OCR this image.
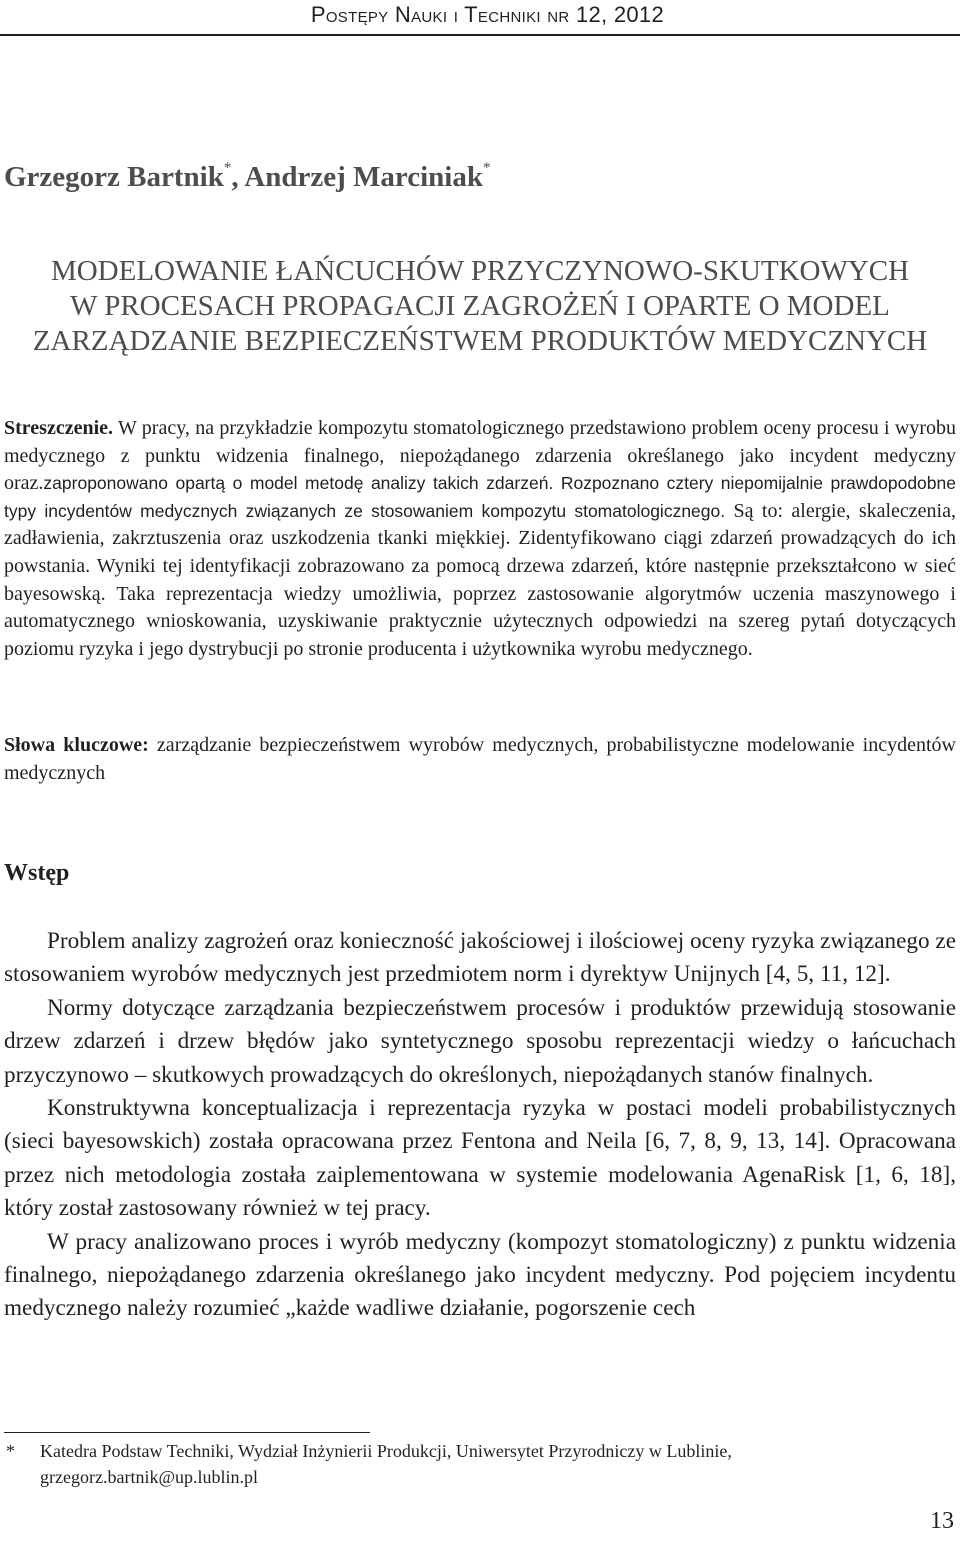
Postępy Nauki i Techniki nr 12, 2012
Grzegorz Bartnik*, Andrzej Marciniak*
MODELOWANIE ŁAŃCUCHÓW PRZYCZYNOWO-SKUTKOWYCH
W PROCESACH PROPAGACJI ZAGROŻEŃ I OPARTE O MODEL
ZARZĄDZANIE BEZPIECZEŃSTWEM PRODUKTÓW MEDYCZNYCH
Streszczenie. W pracy, na przykładzie kompozytu stomatologicznego przedstawiono problem oceny procesu i wyrobu medycznego z punktu widzenia finalnego, niepożądanego zdarzenia określanego jako incydent medyczny oraz.zaproponowano opartą o model metodę analizy takich zdarzeń. Rozpoznano cztery niepomijalnie prawdopodobne typy incydentów medycznych związanych ze stosowaniem kompozytu stomatologicznego. Są to: alergie, skaleczenia, zadławienia, zakrztuszenia oraz uszkodzenia tkanki miękkiej. Zidentyfikowano ciągi zdarzeń prowadzących do ich powstania. Wyniki tej identyfikacji zobrazowano za pomocą drzewa zdarzeń, które następnie przekształcono w sieć bayesowską. Taka reprezentacja wiedzy umożliwia, poprzez zastosowanie algorytmów uczenia maszynowego i automatycznego wnioskowania, uzyskiwanie praktycznie użytecznych odpowiedzi na szereg pytań dotyczących poziomu ryzyka i jego dystrybucji po stronie producenta i użytkownika wyrobu medycznego.
Słowa kluczowe: zarządzanie bezpieczeństwem wyrobów medycznych, probabilistyczne modelowanie incydentów medycznych
Wstęp

Problem analizy zagrożeń oraz konieczność jakościowej i ilościowej oceny ryzyka związanego ze stosowaniem wyrobów medycznych jest przedmiotem norm i dyrektyw Unijnych [4, 5, 11, 12].

Normy dotyczące zarządzania bezpieczeństwem procesów i produktów przewidują stosowanie drzew zdarzeń i drzew błędów jako syntetycznego sposobu reprezentacji wiedzy o łańcuchach przyczynowo – skutkowych prowadzących do określonych, niepożądanych stanów finalnych.

Konstruktywna konceptualizacja i reprezentacja ryzyka w postaci modeli probabilistycznych (sieci bayesowskich) została opracowana przez Fentona and Neila [6, 7, 8, 9, 13, 14]. Opracowana przez nich metodologia została zaiplementowana w systemie modelowania AgenaRisk [1, 6, 18], który został zastosowany również w tej pracy.

W pracy analizowano proces i wyrób medyczny (kompozyt stomatologiczny) z punktu widzenia finalnego, niepożądanego zdarzenia określanego jako incydent medyczny. Pod pojęciem incydentu medycznego należy rozumieć „każde wadliwe działanie, pogorszenie cech

* Katedra Podstaw Techniki, Wydział Inżynierii Produkcji, Uniwersytet Przyrodniczy w Lublinie,
grzegorz.bartnik@up.lublin.pl
13
